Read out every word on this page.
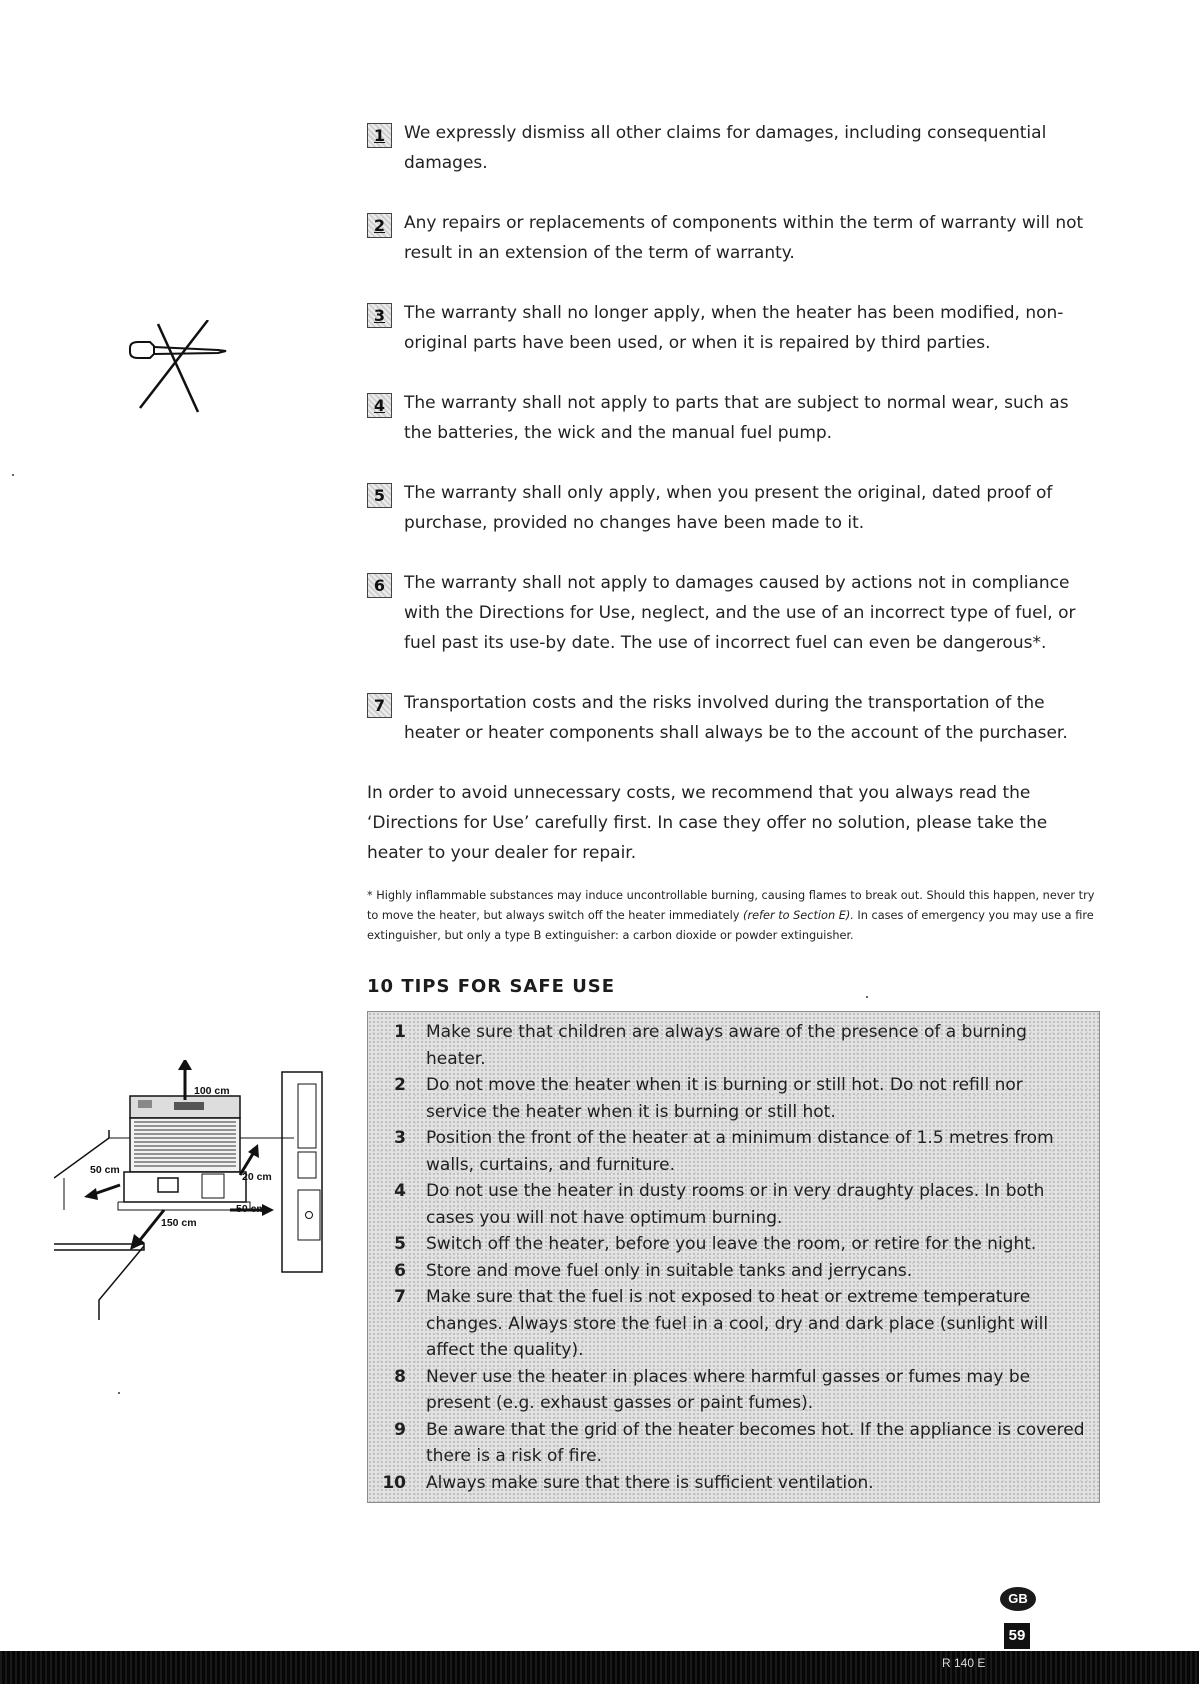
100 cm
50 cm
20 cm
50 cm
150 cm
1	We expressly dismiss all other claims for damages, including consequential damages.
2	Any repairs or replacements of components within the term of warranty will not result in an extension of the term of warranty.
3	The warranty shall no longer apply, when the heater has been modified, non-original parts have been used, or when it is repaired by third parties.
4	The warranty shall not apply to parts that are subject to normal wear, such as the batteries, the wick and the manual fuel pump.
5	The warranty shall only apply, when you present the original, dated proof of purchase, provided no changes have been made to it.
6	The warranty shall not apply to damages caused by actions not in compliance with the Directions for Use, neglect, and the use of an incorrect type of fuel, or fuel past its use-by date. The use of incorrect fuel can even be dangerous*.
7	Transportation costs and the risks involved during the transportation of the heater or heater components shall always be to the account of the purchaser.

In order to avoid unnecessary costs, we recommend that you always read the ‘Directions for Use’ carefully first. In case they offer no solution, please take the heater to your dealer for repair.

* Highly inflammable substances may induce uncontrollable burning, causing flames to break out. Should this happen, never try to move the heater, but always switch off the heater immediately (refer to Section E). In cases of emergency you may use a fire extinguisher, but only a type B extinguisher: a carbon dioxide or powder extinguisher.

10 TIPS FOR SAFE USE
1	Make sure that children are always aware of the presence of a burning heater.
2	Do not move the heater when it is burning or still hot. Do not refill nor service the heater when it is burning or still hot.
3	Position the front of the heater at a minimum distance of 1.5 metres from walls, curtains, and furniture.
4	Do not use the heater in dusty rooms or in very draughty places. In both cases you will not have optimum burning.
5	Switch off the heater, before you leave the room, or retire for the night.
6	Store and move fuel only in suitable tanks and jerrycans.
7	Make sure that the fuel is not exposed to heat or extreme temperature changes. Always store the fuel in a cool, dry and dark place (sunlight will affect the quality).
8	Never use the heater in places where harmful gasses or fumes may be present (e.g. exhaust gasses or paint fumes).
9	Be aware that the grid of the heater becomes hot. If the appliance is covered there is a risk of fire.
10	Always make sure that there is sufficient ventilation.
GB
59
R 140 E
